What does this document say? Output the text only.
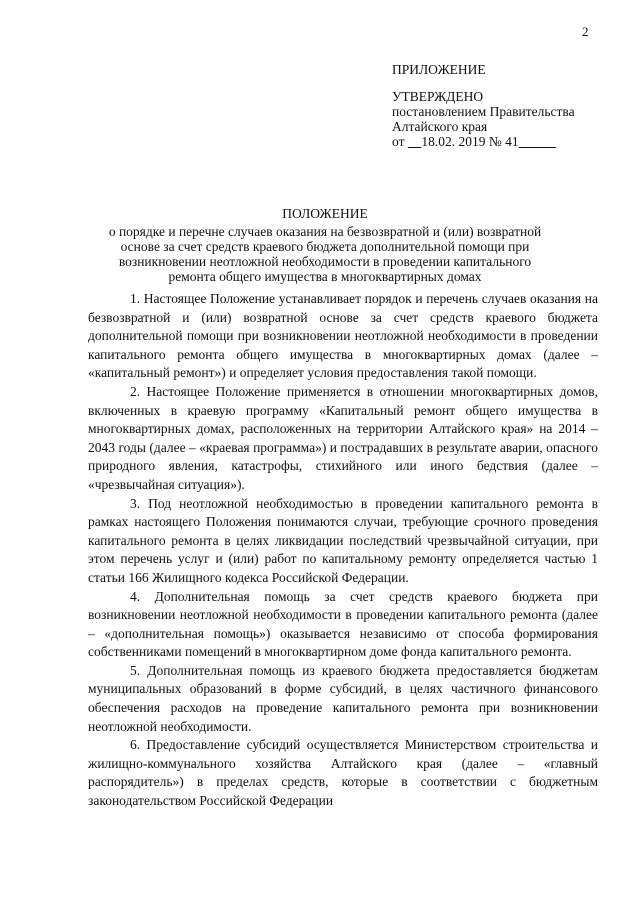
2
ПРИЛОЖЕНИЕ
УТВЕРЖДЕНО
постановлением Правительства
Алтайского края
от 18.02. 2019 № 41
ПОЛОЖЕНИЕ
о порядке и перечне случаев оказания на безвозвратной и (или) возвратной основе за счет средств краевого бюджета дополнительной помощи при возникновении неотложной необходимости в проведении капитального ремонта общего имущества в многоквартирных домах

1. Настоящее Положение устанавливает порядок и перечень случаев оказания на безвозвратной и (или) возвратной основе за счет средств краевого бюджета дополнительной помощи при возникновении неотложной необходимости в проведении капитального ремонта общего имущества в многоквартирных домах (далее – «капитальный ремонт») и определяет условия предоставления такой помощи.

2. Настоящее Положение применяется в отношении многоквартирных домов, включенных в краевую программу «Капитальный ремонт общего имущества в многоквартирных домах, расположенных на территории Алтайского края» на 2014 – 2043 годы (далее – «краевая программа») и пострадавших в результате аварии, опасного природного явления, катастрофы, стихийного или иного бедствия (далее – «чрезвычайная ситуация»).

3. Под неотложной необходимостью в проведении капитального ремонта в рамках настоящего Положения понимаются случаи, требующие срочного проведения капитального ремонта в целях ликвидации последствий чрезвычайной ситуации, при этом перечень услуг и (или) работ по капитальному ремонту определяется частью 1 статьи 166 Жилищного кодекса Российской Федерации.

4. Дополнительная помощь за счет средств краевого бюджета при возникновении неотложной необходимости в проведении капитального ремонта (далее – «дополнительная помощь») оказывается независимо от способа формирования собственниками помещений в многоквартирном доме фонда капитального ремонта.

5. Дополнительная помощь из краевого бюджета предоставляется бюджетам муниципальных образований в форме субсидий, в целях частичного финансового обеспечения расходов на проведение капитального ремонта при возникновении неотложной необходимости.

6. Предоставление субсидий осуществляется Министерством строительства и жилищно-коммунального хозяйства Алтайского края (далее – «главный распорядитель») в пределах средств, которые в соответствии с бюджетным законодательством Российской Федерации
